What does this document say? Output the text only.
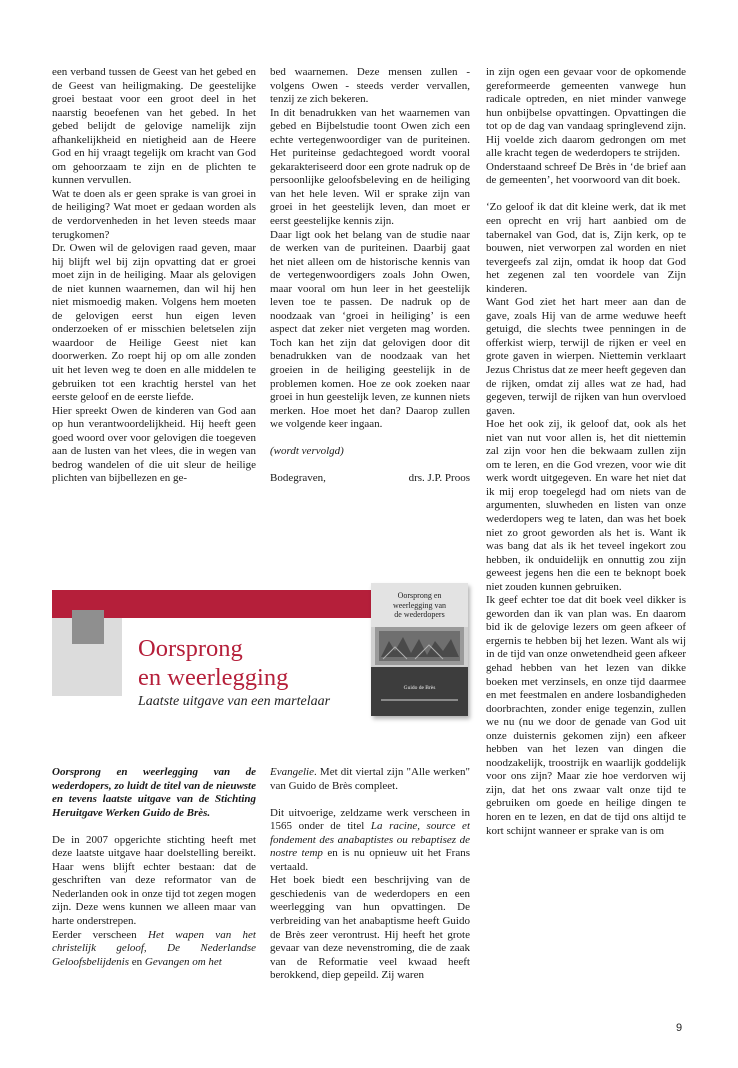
een verband tussen de Geest van het gebed en de Geest van heiligmaking. De geestelijke groei bestaat voor een groot deel in het naarstig beoefenen van het gebed. In het gebed belijdt de gelovige namelijk zijn afhankelijkheid en nietigheid aan de Heere God en hij vraagt tegelijk om kracht van God om gehoorzaam te zijn en de plichten te kunnen vervullen.

Wat te doen als er geen sprake is van groei in de heiliging? Wat moet er gedaan worden als de verdorvenheden in het leven steeds maar terugkomen?

Dr. Owen wil de gelovigen raad geven, maar hij blijft wel bij zijn opvatting dat er groei moet zijn in de heiliging. Maar als gelovigen de niet kunnen waarnemen, dan wil hij hen niet mismoedig maken. Volgens hem moeten de gelovigen eerst hun eigen leven onderzoeken of er misschien beletselen zijn waardoor de Heilige Geest niet kan doorwerken. Zo roept hij op om alle zonden uit het leven weg te doen en alle middelen te gebruiken tot een krachtig herstel van het eerste geloof en de eerste liefde.

Hier spreekt Owen de kinderen van God aan op hun verantwoordelijkheid. Hij heeft geen goed woord over voor gelovigen die toegeven aan de lusten van het vlees, die in wegen van bedrog wandelen of die uit sleur de heilige plichten van bijbellezen en ge-

bed waarnemen. Deze mensen zullen - volgens Owen - steeds verder vervallen, tenzij ze zich bekeren.

In dit benadrukken van het waarnemen van gebed en Bijbelstudie toont Owen zich een echte vertegenwoordiger van de puriteinen. Het puriteinse gedachtegoed wordt vooral gekarakteriseerd door een grote nadruk op de persoonlijke geloofsbeleving en de heiliging van het hele leven. Wil er sprake zijn van groei in het geestelijk leven, dan moet er eerst geestelijke kennis zijn.

Daar ligt ook het belang van de studie naar de werken van de puriteinen. Daarbij gaat het niet alleen om de historische kennis van de vertegenwoordigers zoals John Owen, maar vooral om hun leer in het geestelijk leven toe te passen. De nadruk op de noodzaak van ‘groei in heiliging’ is een aspect dat zeker niet vergeten mag worden. Toch kan het zijn dat gelovigen door dit benadrukken van de noodzaak van het groeien in de heiliging geestelijk in de problemen komen. Hoe ze ook zoeken naar groei in hun geestelijk leven, ze kunnen niets merken. Hoe moet het dan? Daarop zullen we volgende keer ingaan.

(wordt vervolgd)

Bodegraven,	drs. J.P. Proos

in zijn ogen een gevaar voor de opkomende gereformeerde gemeenten vanwege hun radicale optreden, en niet minder vanwege hun onbijbelse opvattingen. Opvattingen die tot op de dag van vandaag springlevend zijn. Hij voelde zich daarom gedrongen om met alle kracht tegen de wederdopers te strijden.

Onderstaand schreef De Brès in ‘de brief aan de gemeenten’, het voorwoord van dit boek.

‘Zo geloof ik dat dit kleine werk, dat ik met een oprecht en vrij hart aanbied om de tabernakel van God, dat is, Zijn kerk, op te bouwen, niet verworpen zal worden en niet tevergeefs zal zijn, omdat ik hoop dat God het zegenen zal ten voordele van Zijn kinderen.

Want God ziet het hart meer aan dan de gave, zoals Hij van de arme weduwe heeft getuigd, die slechts twee penningen in de offerkist wierp, terwijl de rijken er veel en grote gaven in wierpen. Niettemin verklaart Jezus Christus dat ze meer heeft gegeven dan de rijken, omdat zij alles wat ze had, had gegeven, terwijl de rijken van hun overvloed gaven.

Hoe het ook zij, ik geloof dat, ook als het niet van nut voor allen is, het dit niettemin zal zijn voor hen die bekwaam zullen zijn om te leren, en die God vrezen, voor wie dit werk wordt uitgegeven. En ware het niet dat ik mij erop toegelegd had om niets van de argumenten, sluwheden en listen van onze wederdopers weg te laten, dan was het boek niet zo groot geworden als het is. Want ik was bang dat als ik het teveel ingekort zou hebben, ik onduidelijk en onnuttig zou zijn geweest jegens hen die een te beknopt boek niet zouden kunnen gebruiken.

Ik geef echter toe dat dit boek veel dikker is geworden dan ik van plan was. En daarom bid ik de gelovige lezers om geen afkeer of ergernis te hebben bij het lezen. Want als wij in de tijd van onze onwetendheid geen afkeer gehad hebben van het lezen van dikke boeken met verzinsels, en onze tijd daarmee en met feestmalen en andere losbandigheden doorbrachten, zonder enige tegenzin, zullen we nu (nu we door de genade van God uit onze duisternis gekomen zijn) een afkeer hebben van het lezen van dingen die noodzakelijk, troostrijk en waarlijk goddelijk voor ons zijn? Maar zie hoe verdorven wij zijn, dat het ons zwaar valt onze tijd te gebruiken om goede en heilige dingen te horen en te lezen, en dat de tijd ons altijd te kort schijnt wanneer er sprake van is om

Oorsprong
en weerlegging
Laatste uitgave van een martelaar
Oorsprong en
weerlegging van
de wederdopers
Guido de Brès

Oorsprong en weerlegging van de wederdopers, zo luidt de titel van de nieuwste en tevens laatste uitgave van de Stichting Heruitgave Werken Guido de Brès.

De in 2007 opgerichte stichting heeft met deze laatste uitgave haar doelstelling bereikt. Haar wens blijft echter bestaan: dat de geschriften van deze reformator van de Nederlanden ook in onze tijd tot zegen mogen zijn. Deze wens kunnen we alleen maar van harte onderstrepen.

Eerder verscheen Het wapen van het christelijk geloof, De Nederlandse Geloofsbelijdenis en Gevangen om het

Evangelie. Met dit viertal zijn "Alle werken" van Guido de Brès compleet.

Dit uitvoerige, zeldzame werk verscheen in 1565 onder de titel La racine, source et fondement des anabaptistes ou rebaptisez de nostre temp en is nu opnieuw uit het Frans vertaald.

Het boek biedt een beschrijving van de geschiedenis van de wederdopers en een weerlegging van hun opvattingen. De verbreiding van het anabaptisme heeft Guido de Brès zeer verontrust. Hij heeft het grote gevaar van deze nevenstroming, die de zaak van de Reformatie veel kwaad heeft berokkend, diep gepeild. Zij waren

9
